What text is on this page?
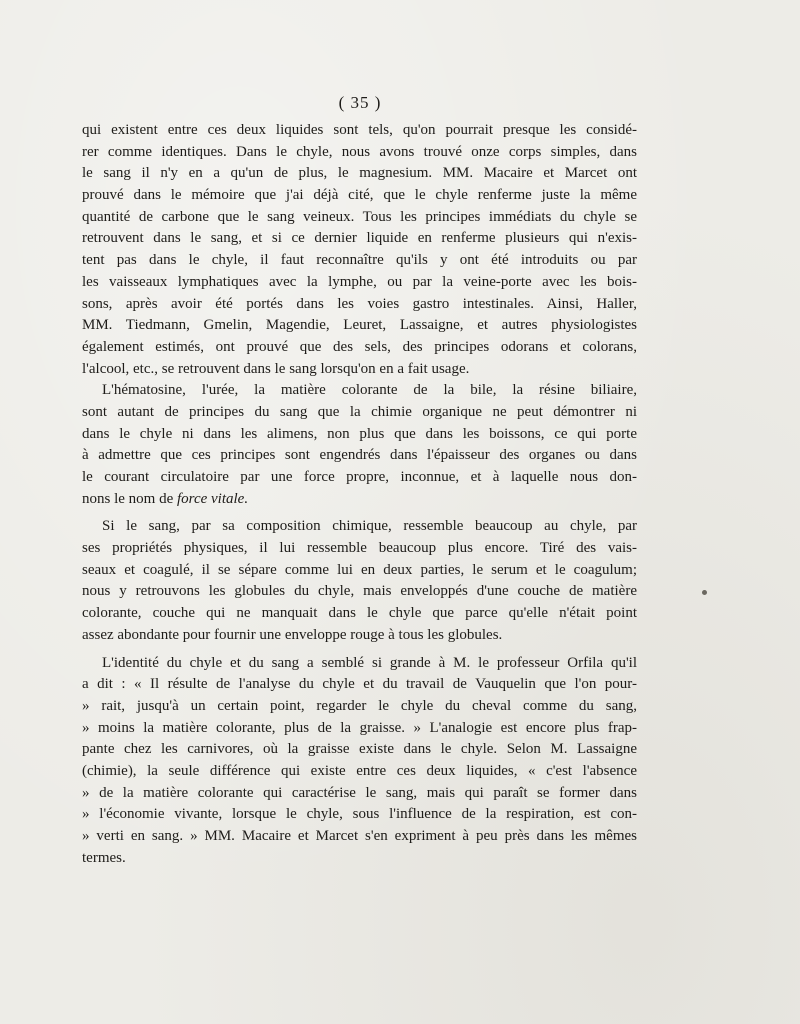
( 35 )
qui existent entre ces deux liquides sont tels, qu'on pourrait presque les considé-
rer comme identiques. Dans le chyle, nous avons trouvé onze corps simples, dans
le sang il n'y en a qu'un de plus, le magnesium. MM. Macaire et Marcet ont
prouvé dans le mémoire que j'ai déjà cité, que le chyle renferme juste la même
quantité de carbone que le sang veineux. Tous les principes immédiats du chyle se
retrouvent dans le sang, et si ce dernier liquide en renferme plusieurs qui n'exis-
tent pas dans le chyle, il faut reconnaître qu'ils y ont été introduits ou par
les vaisseaux lymphatiques avec la lymphe, ou par la veine-porte avec les bois-
sons, après avoir été portés dans les voies gastro intestinales. Ainsi, Haller,
MM. Tiedmann, Gmelin, Magendie, Leuret, Lassaigne, et autres physiologistes
également estimés, ont prouvé que des sels, des principes odorans et colorans,
l'alcool, etc., se retrouvent dans le sang lorsqu'on en a fait usage.
L'hématosine, l'urée, la matière colorante de la bile, la résine biliaire,
sont autant de principes du sang que la chimie organique ne peut démontrer ni
dans le chyle ni dans les alimens, non plus que dans les boissons, ce qui porte
à admettre que ces principes sont engendrés dans l'épaisseur des organes ou dans
le courant circulatoire par une force propre, inconnue, et à laquelle nous don-
nons le nom de force vitale.
Si le sang, par sa composition chimique, ressemble beaucoup au chyle, par
ses propriétés physiques, il lui ressemble beaucoup plus encore. Tiré des vais-
seaux et coagulé, il se sépare comme lui en deux parties, le serum et le coagulum;
nous y retrouvons les globules du chyle, mais enveloppés d'une couche de matière
colorante, couche qui ne manquait dans le chyle que parce qu'elle n'était point
assez abondante pour fournir une enveloppe rouge à tous les globules.
L'identité du chyle et du sang a semblé si grande à M. le professeur Orfila qu'il
a dit : « Il résulte de l'analyse du chyle et du travail de Vauquelin que l'on pour-
» rait, jusqu'à un certain point, regarder le chyle du cheval comme du sang,
» moins la matière colorante, plus de la graisse. » L'analogie est encore plus frap-
pante chez les carnivores, où la graisse existe dans le chyle. Selon M. Lassaigne
(chimie), la seule différence qui existe entre ces deux liquides, « c'est l'absence
» de la matière colorante qui caractérise le sang, mais qui paraît se former dans
» l'économie vivante, lorsque le chyle, sous l'influence de la respiration, est con-
» verti en sang. » MM. Macaire et Marcet s'en expriment à peu près dans les mêmes
termes.
